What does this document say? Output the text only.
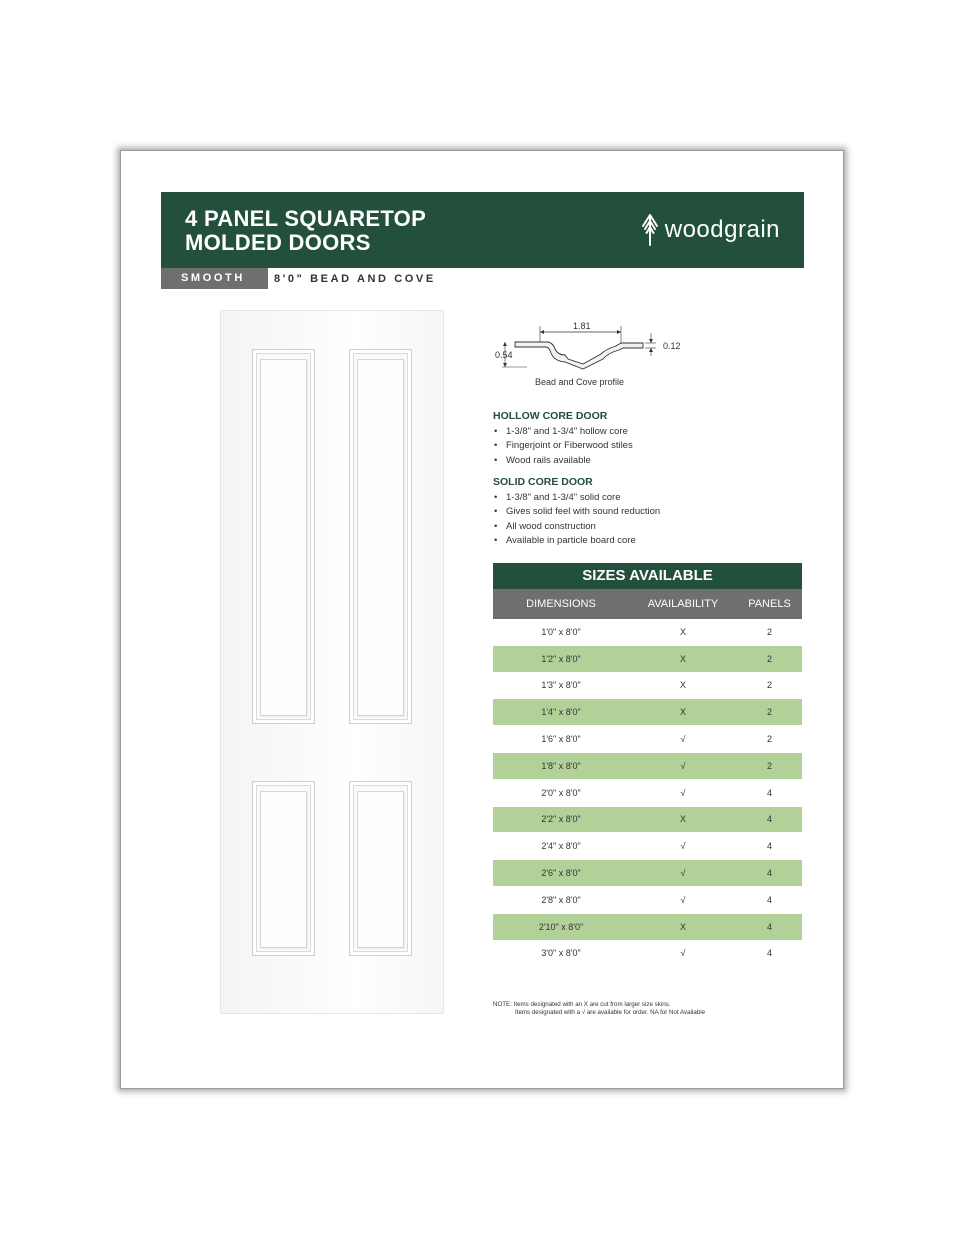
4 PANEL SQUARETOP
MOLDED DOORS	woodgrain
SMOOTH	8'0" BEAD AND COVE
1.81
0.54
0.12
Bead and Cove profile
HOLLOW CORE DOOR
• 1-3/8" and 1-3/4" hollow core
• Fingerjoint or Fiberwood stiles
• Wood rails available
SOLID CORE DOOR
• 1-3/8" and 1-3/4" solid core
• Gives solid feel with sound reduction
• All wood construction
• Available in particle board core
SIZES AVAILABLE
DIMENSIONS	AVAILABILITY	PANELS
1'0" x 8'0"	X	2
1'2" x 8'0"	X	2
1'3" x 8'0"	X	2
1'4" x 8'0"	X	2
1'6" x 8'0"	√	2
1'8" x 8'0"	√	2
2'0" x 8'0"	√	4
2'2" x 8'0"	X	4
2'4" x 8'0"	√	4
2'6" x 8'0"	√	4
2'8" x 8'0"	√	4
2'10" x 8'0"	X	4
3'0" x 8'0"	√	4
NOTE: Items designated with an X are cut from larger size skins.
Items designated with a √ are available for order. NA for Not Available
